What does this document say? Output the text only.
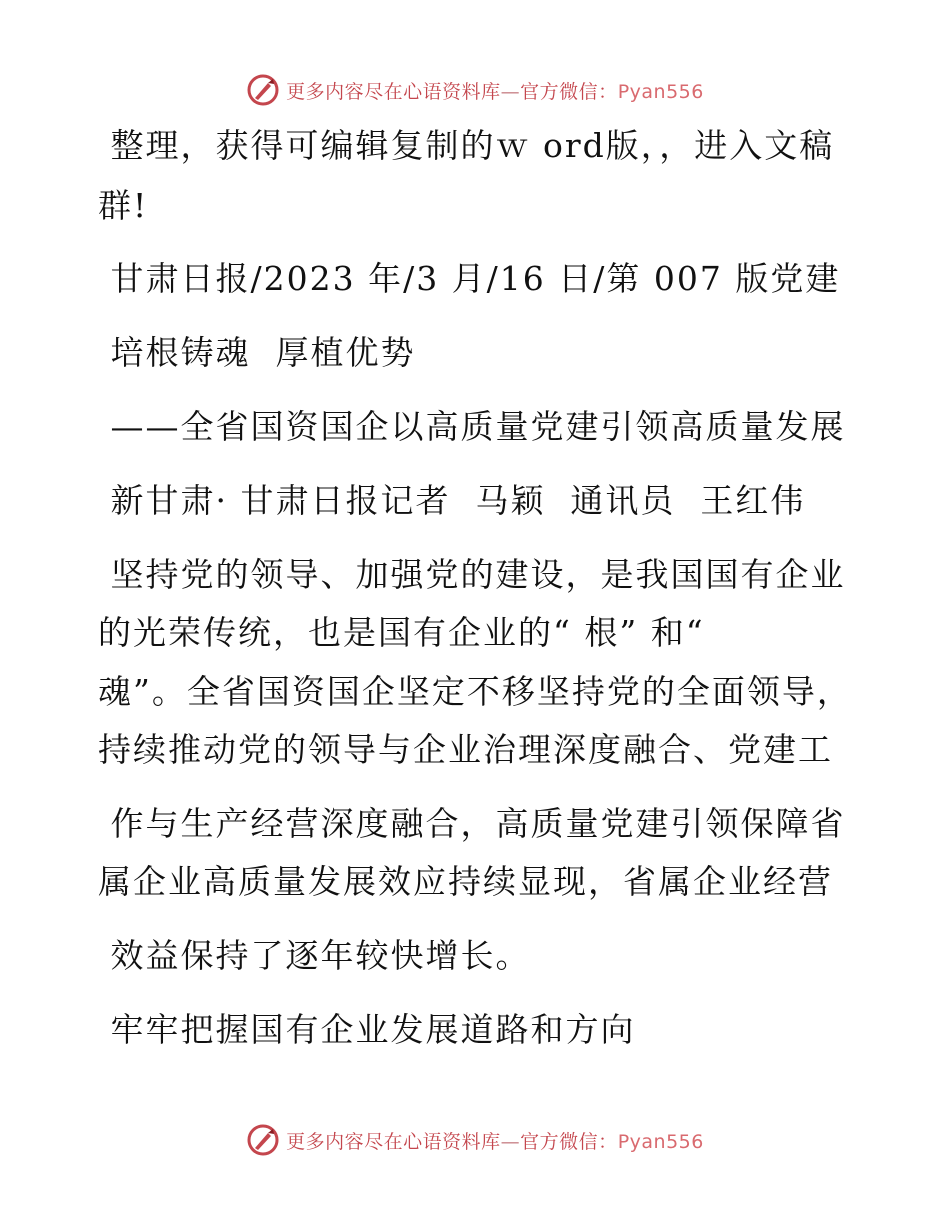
更多内容尽在心语资料库—官方微信：Pyan556
整理，获得可编辑复制的ｗ ord版，，进入文稿
群!
甘肃日报/2023 年/3 月/16 日/第 007 版党建
培根铸魂  厚植优势
——全省国资国企以高质量党建引领高质量发展
新甘肃· 甘肃日报记者  马颖  通讯员  王红伟
坚持党的领导、加强党的建设，是我国国有企业
的光荣传统，也是国有企业的“ 根” 和“
魂”。全省国资国企坚定不移坚持党的全面领导，
持续推动党的领导与企业治理深度融合、党建工
作与生产经营深度融合，高质量党建引领保障省
属企业高质量发展效应持续显现，省属企业经营
效益保持了逐年较快增长。
牢牢把握国有企业发展道路和方向
更多内容尽在心语资料库—官方微信：Pyan556
